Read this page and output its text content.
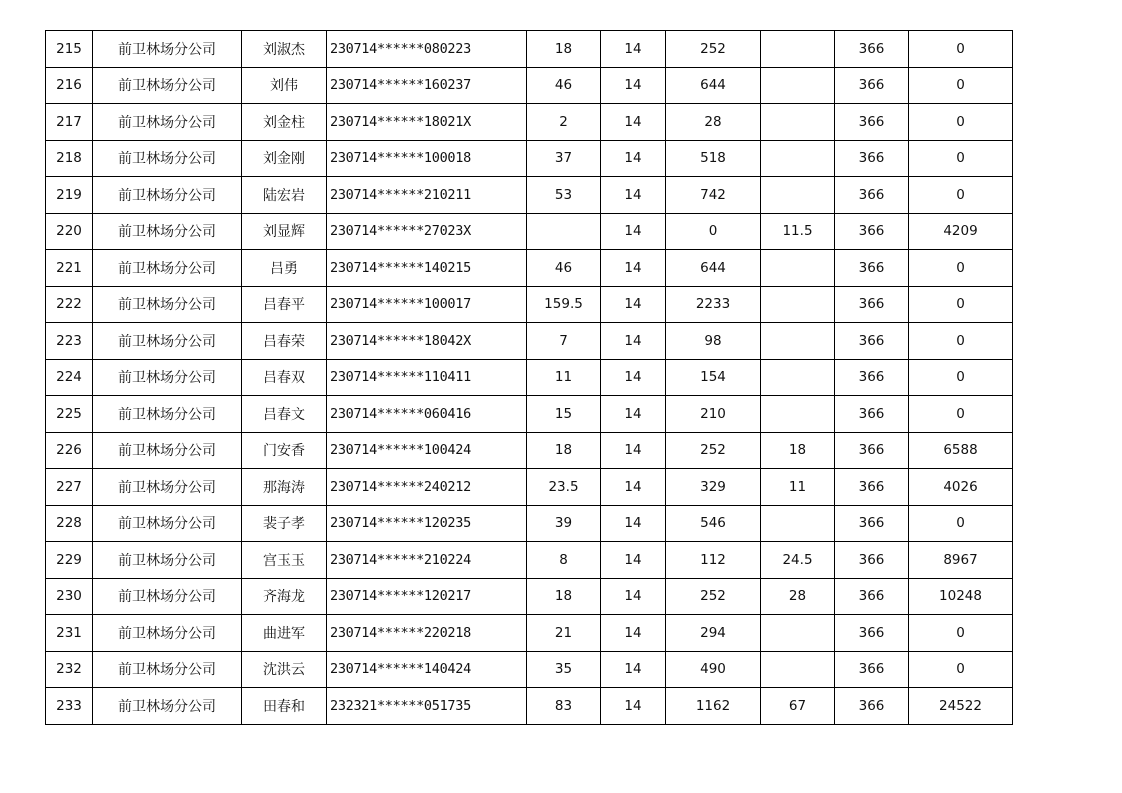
215	前卫林场分公司	刘淑杰	230714******080223	18	14	252		366	0
216	前卫林场分公司	刘伟	230714******160237	46	14	644		366	0
217	前卫林场分公司	刘金柱	230714******18021X	2	14	28		366	0
218	前卫林场分公司	刘金刚	230714******100018	37	14	518		366	0
219	前卫林场分公司	陆宏岩	230714******210211	53	14	742		366	0
220	前卫林场分公司	刘显辉	230714******27023X		14	0	11.5	366	4209
221	前卫林场分公司	吕勇	230714******140215	46	14	644		366	0
222	前卫林场分公司	吕春平	230714******100017	159.5	14	2233		366	0
223	前卫林场分公司	吕春荣	230714******18042X	7	14	98		366	0
224	前卫林场分公司	吕春双	230714******110411	11	14	154		366	0
225	前卫林场分公司	吕春文	230714******060416	15	14	210		366	0
226	前卫林场分公司	门安香	230714******100424	18	14	252	18	366	6588
227	前卫林场分公司	那海涛	230714******240212	23.5	14	329	11	366	4026
228	前卫林场分公司	裴子孝	230714******120235	39	14	546		366	0
229	前卫林场分公司	宫玉玉	230714******210224	8	14	112	24.5	366	8967
230	前卫林场分公司	齐海龙	230714******120217	18	14	252	28	366	10248
231	前卫林场分公司	曲进军	230714******220218	21	14	294		366	0
232	前卫林场分公司	沈洪云	230714******140424	35	14	490		366	0
233	前卫林场分公司	田春和	232321******051735	83	14	1162	67	366	24522
